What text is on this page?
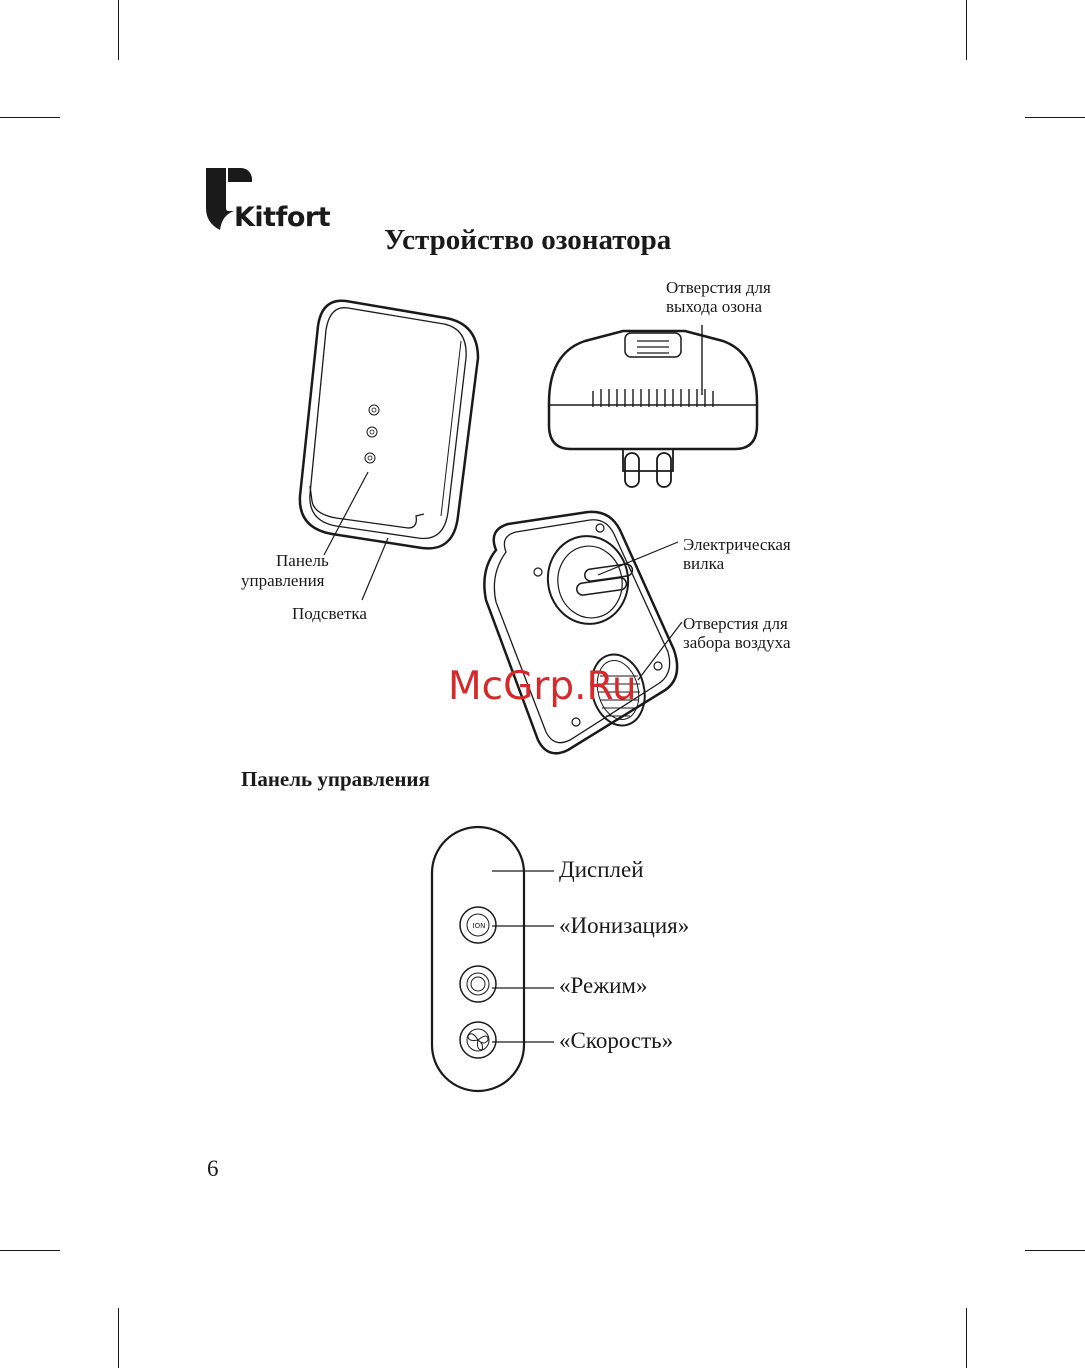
Kitfort
Устройство озонатора
Отверстия для
выхода озона
Панель
управления
Подсветка
Электрическая
вилка
Отверстия для
забора воздуха
McGrp.Ru
Панель управления
ION
Дисплей
«Ионизация»
«Режим»
«Скорость»
6
